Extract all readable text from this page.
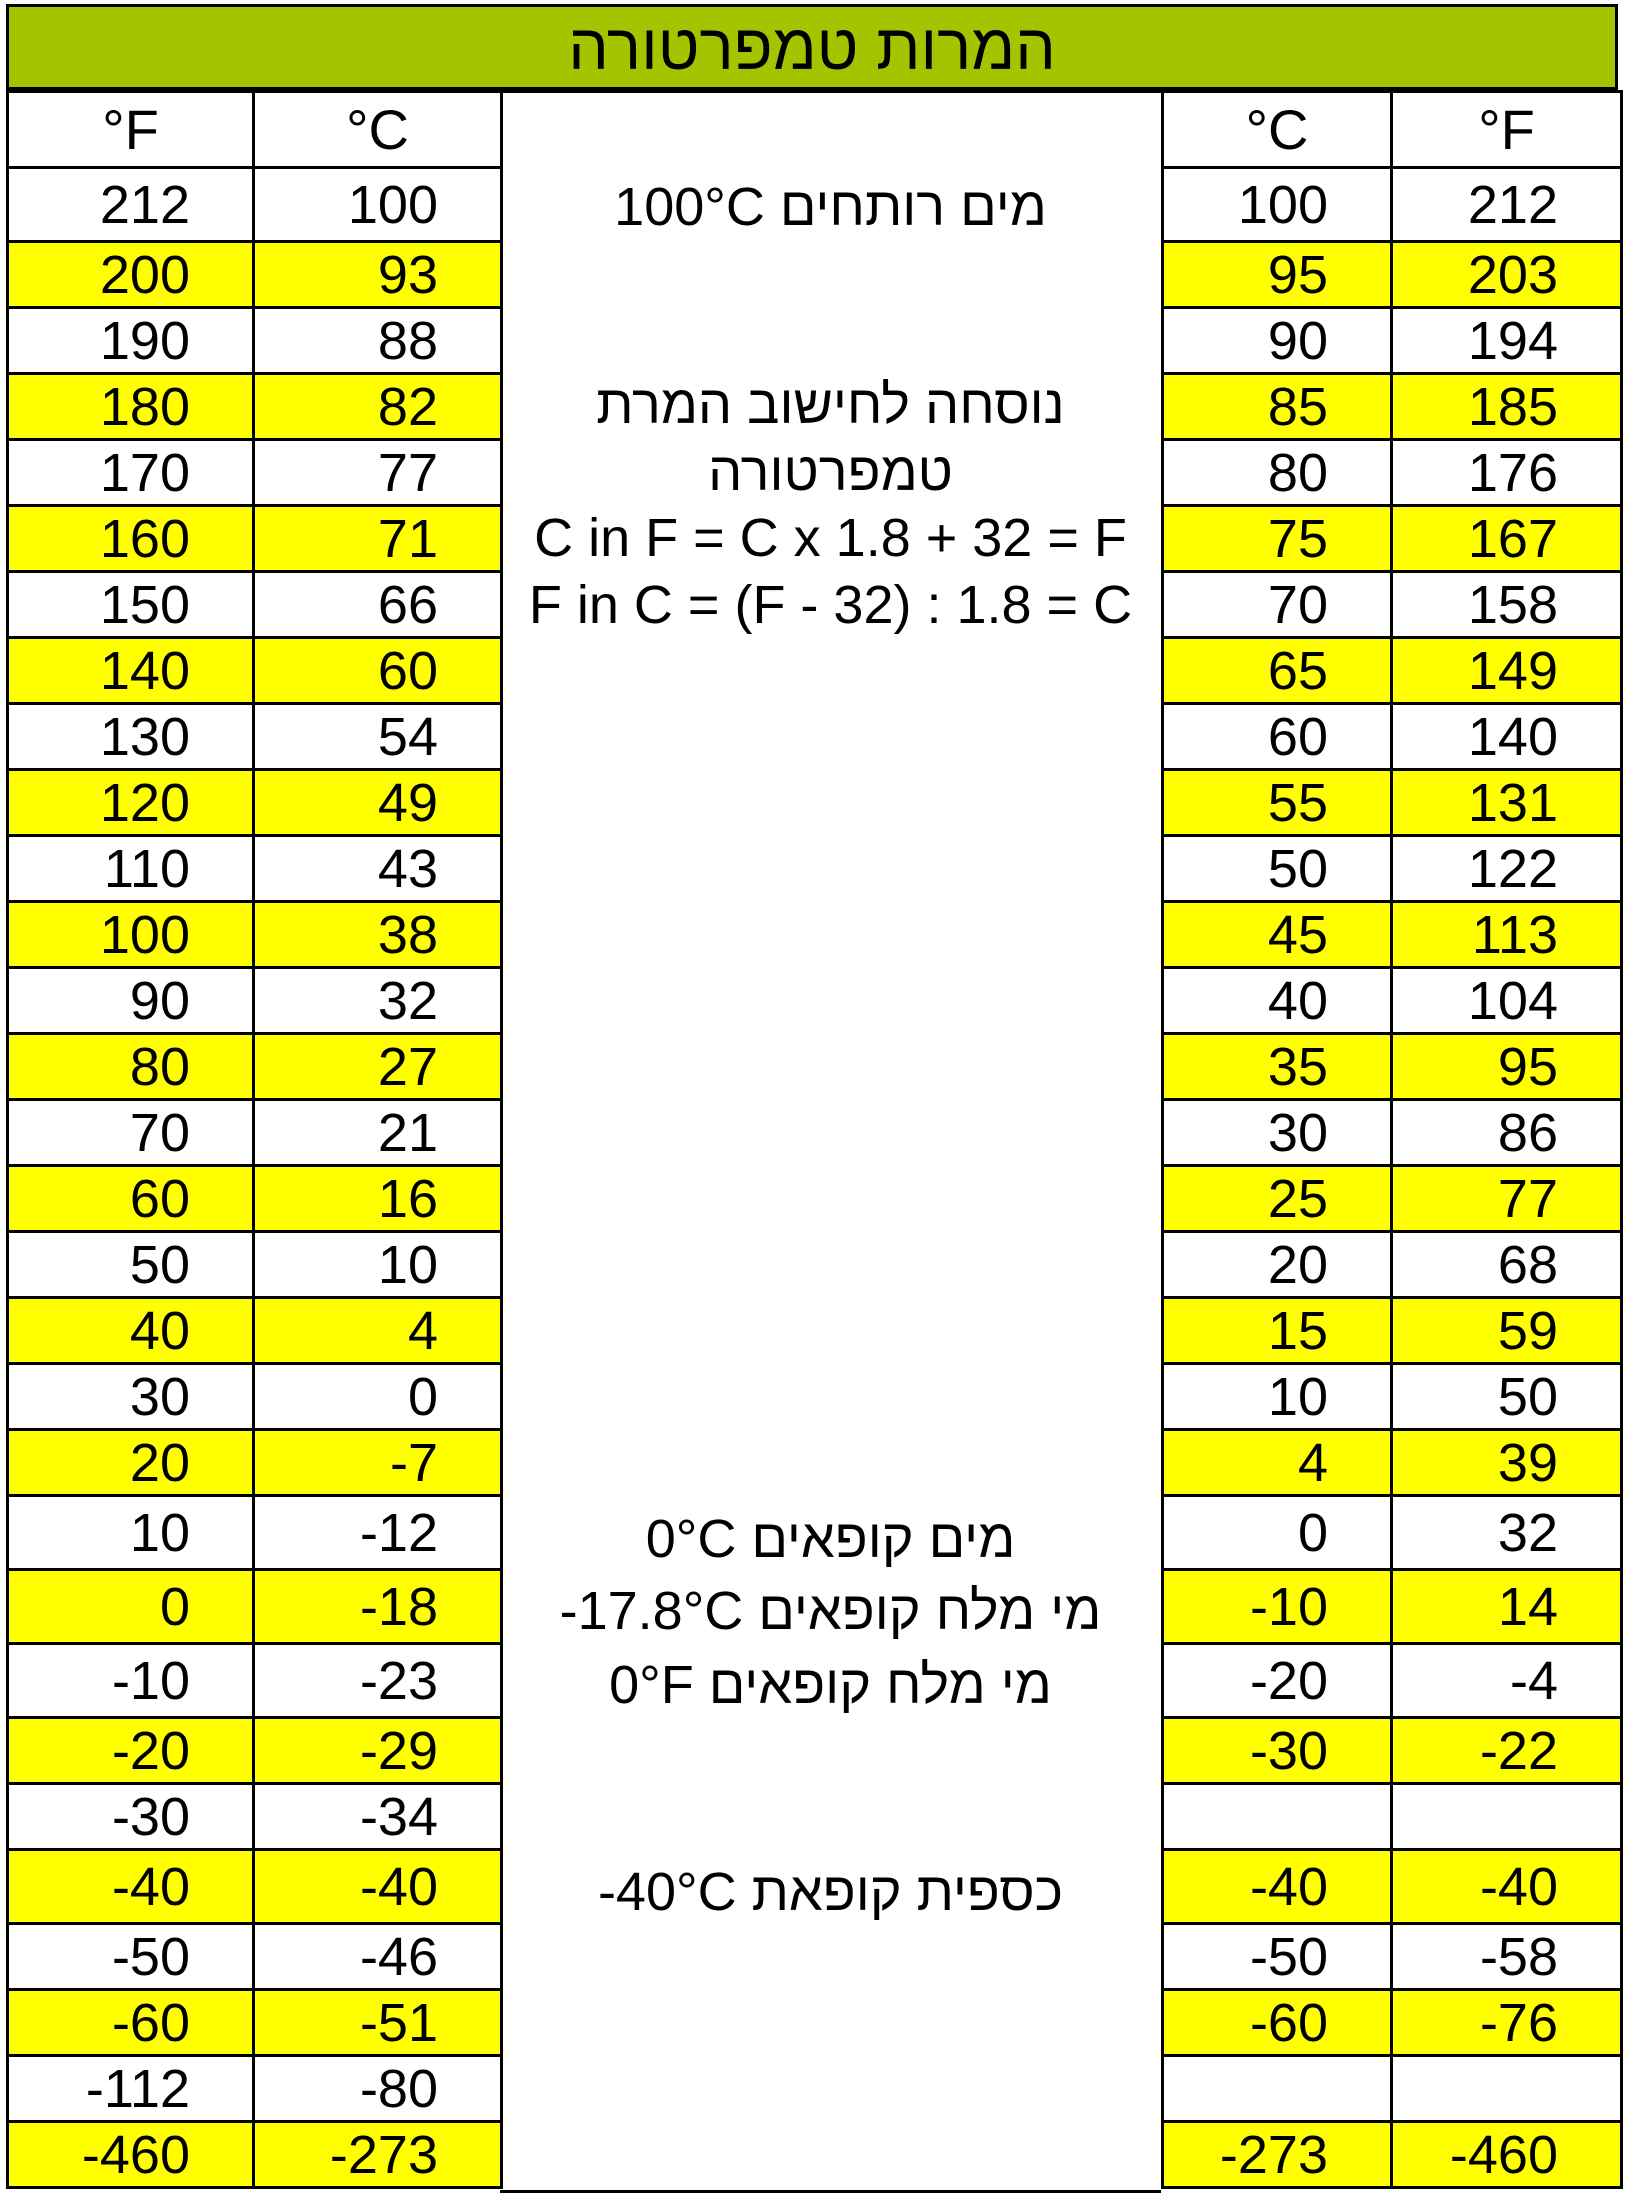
המרות טמפרטורה
°F	°C
212	100
200	93
190	88
180	82
170	77
160	71
150	66
140	60
130	54
120	49
110	43
100	38
90	32
80	27
70	21
60	16
50	10
40	4
30	0
20	-7
10	-12
0	-18
-10	-23
-20	-29
-30	-34
-40	-40
-50	-46
-60	-51
-112	-80
-460	-273
°C	°F
100	212
95	203
90	194
85	185
80	176
75	167
70	158
65	149
60	140
55	131
50	122
45	113
40	104
35	95
30	86
25	77
20	68
15	59
10	50
4	39
0	32
-10	14
-20	-4
-30	-22

-40	-40
-50	-58
-60	-76

-273	-460
100°C מים רותחים
נוסחה לחישוב המרת
טמפרטורה
C in F = C x 1.8 + 32 = F
F in C = (F - 32) : 1.8 = C
0°C מים קופאים
-17.8°C מי מלח קופאים
0°F מי מלח קופאים
-40°C כספית קופאת
